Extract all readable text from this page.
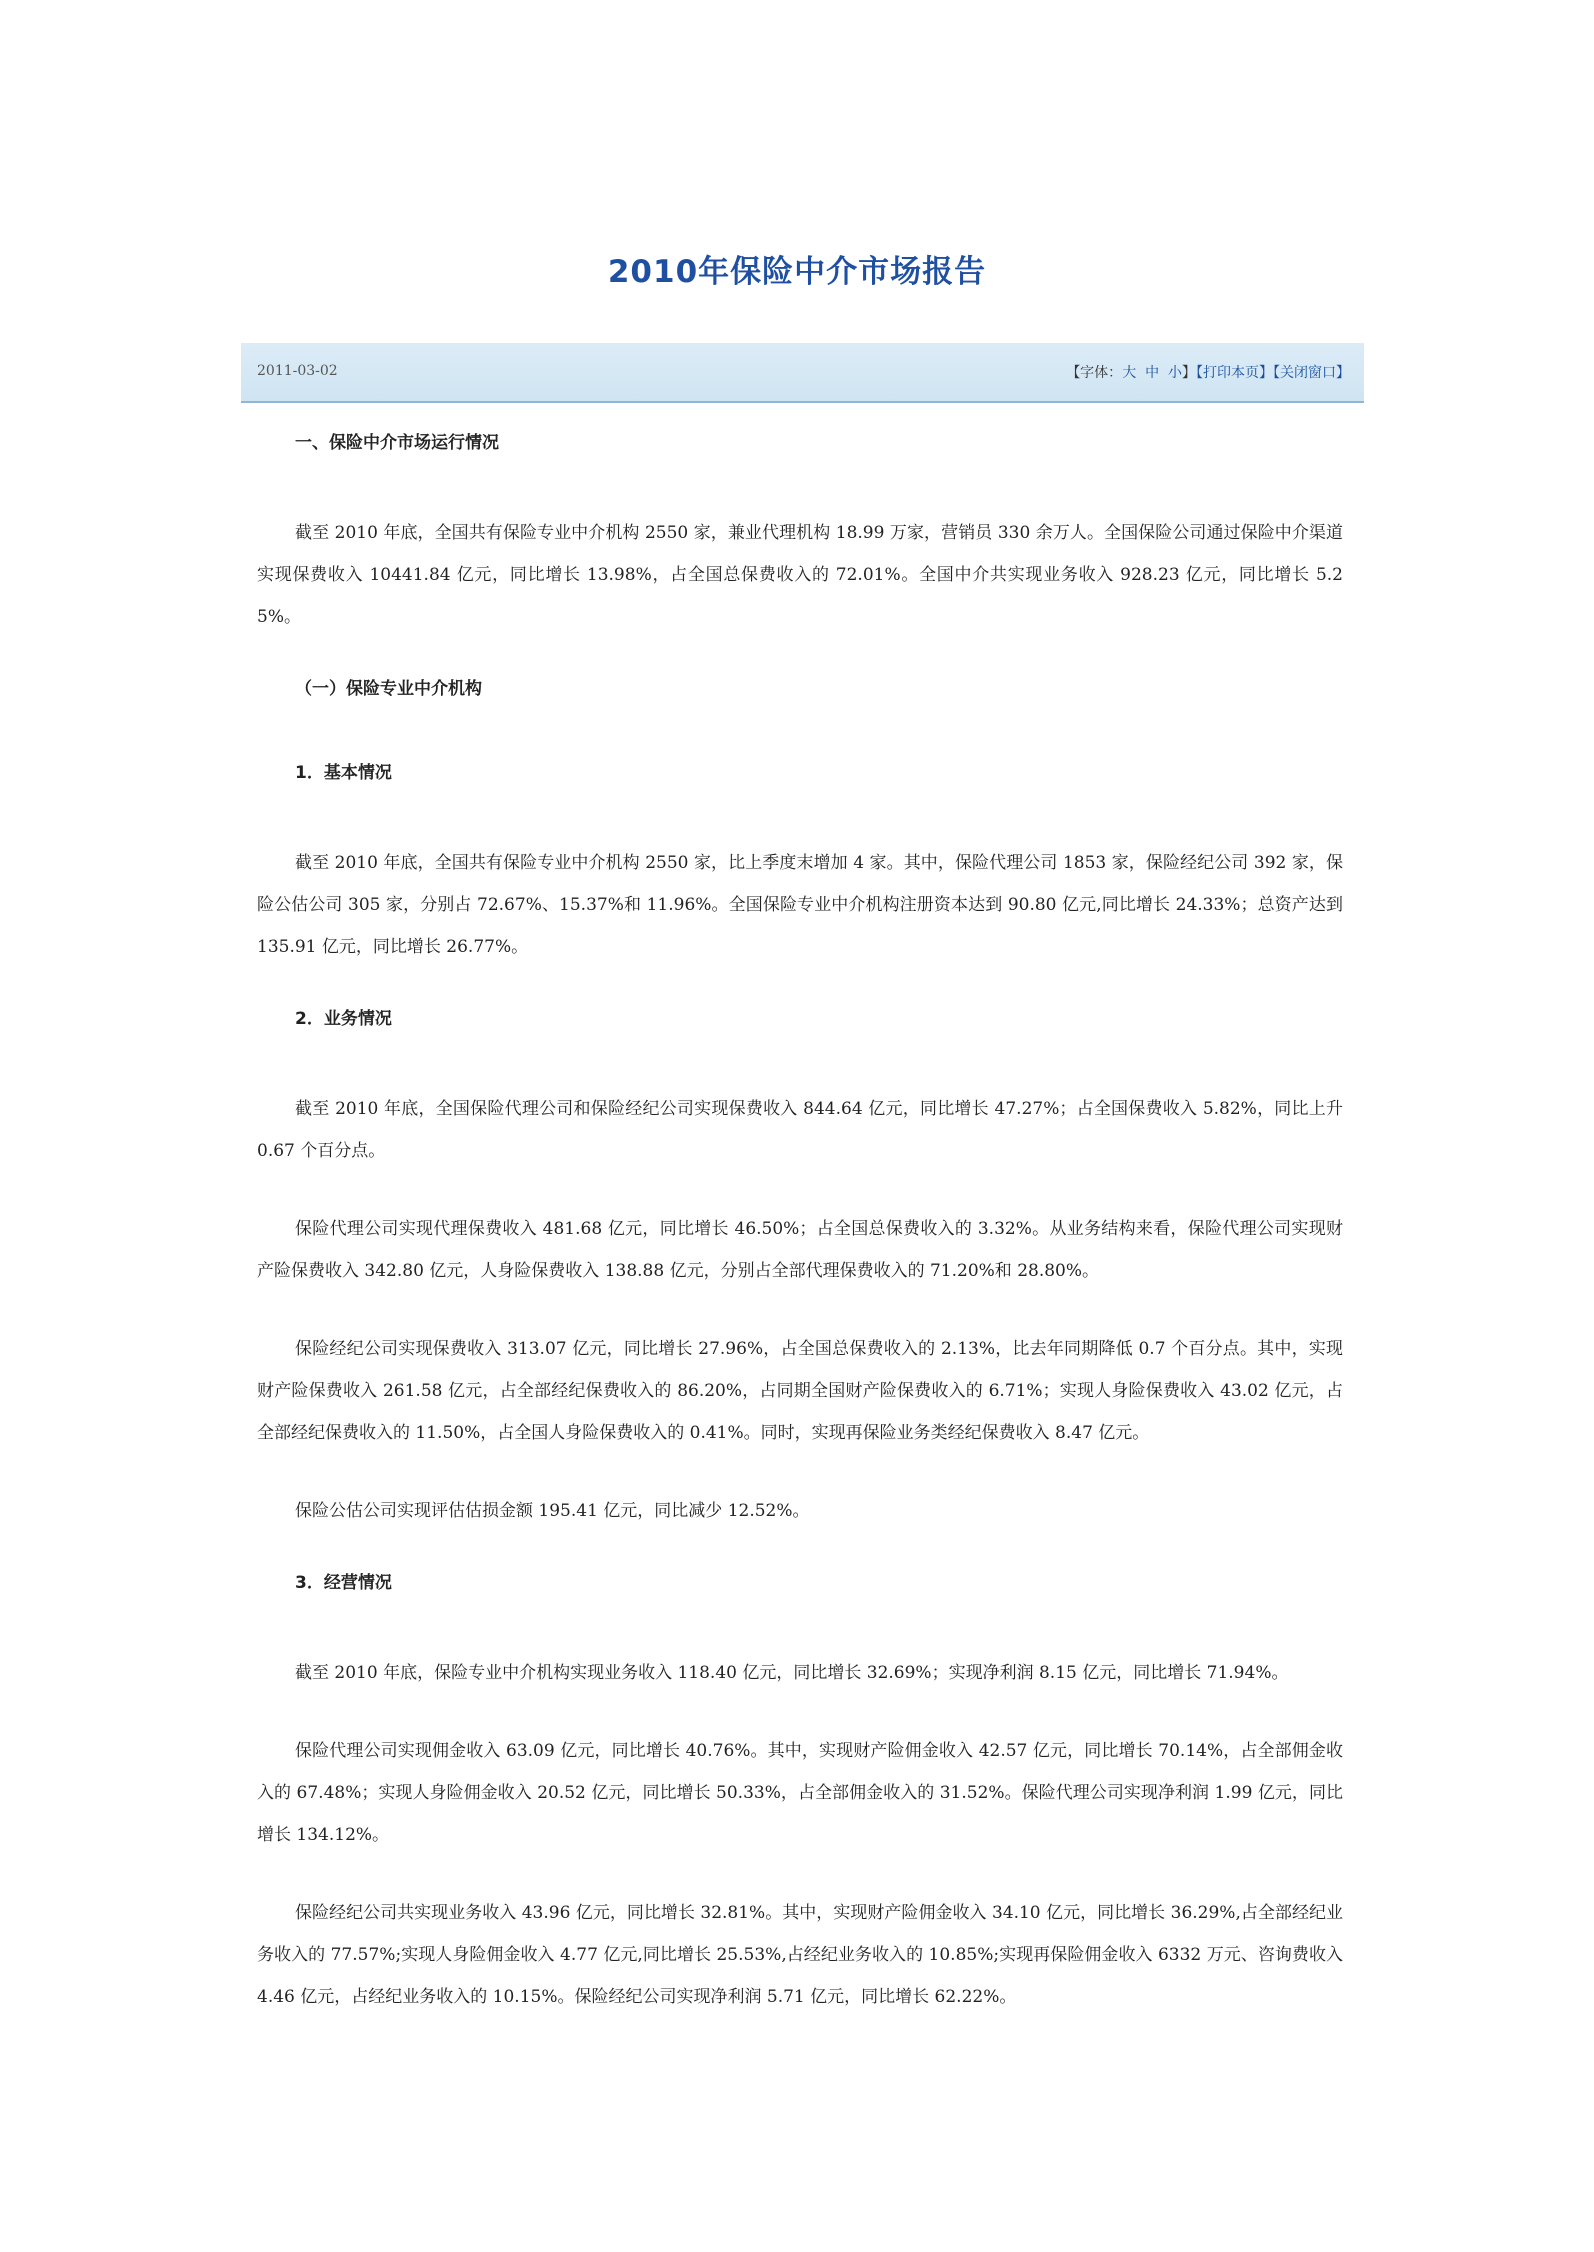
2010年保险中介市场报告
2011-03-02	【字体：大 中 小】【打印本页】【关闭窗口】
一、保险中介市场运行情况

截至 2010 年底，全国共有保险专业中介机构 2550 家，兼业代理机构 18.99 万家，营销员 330 余万人。全国保险公司通过保险中介渠道实现保费收入 10441.84 亿元，同比增长 13.98%，占全国总保费收入的 72.01%。全国中介共实现业务收入 928.23 亿元，同比增长 5.25%。

（一）保险专业中介机构
1．基本情况

截至 2010 年底，全国共有保险专业中介机构 2550 家，比上季度末增加 4 家。其中，保险代理公司 1853 家，保险经纪公司 392 家，保险公估公司 305 家，分别占 72.67%、15.37%和 11.96%。全国保险专业中介机构注册资本达到 90.80 亿元,同比增长 24.33%；总资产达到 135.91 亿元，同比增长 26.77%。

2．业务情况

截至 2010 年底，全国保险代理公司和保险经纪公司实现保费收入 844.64 亿元，同比增长 47.27%；占全国保费收入 5.82%，同比上升 0.67 个百分点。

保险代理公司实现代理保费收入 481.68 亿元，同比增长 46.50%；占全国总保费收入的 3.32%。从业务结构来看，保险代理公司实现财产险保费收入 342.80 亿元，人身险保费收入 138.88 亿元，分别占全部代理保费收入的 71.20%和 28.80%。

保险经纪公司实现保费收入 313.07 亿元，同比增长 27.96%，占全国总保费收入的 2.13%，比去年同期降低 0.7 个百分点。其中，实现财产险保费收入 261.58 亿元，占全部经纪保费收入的 86.20%，占同期全国财产险保费收入的 6.71%；实现人身险保费收入 43.02 亿元，占全部经纪保费收入的 11.50%，占全国人身险保费收入的 0.41%。同时，实现再保险业务类经纪保费收入 8.47 亿元。

保险公估公司实现评估估损金额 195.41 亿元，同比减少 12.52%。

3．经营情况

截至 2010 年底，保险专业中介机构实现业务收入 118.40 亿元，同比增长 32.69%；实现净利润 8.15 亿元，同比增长 71.94%。

保险代理公司实现佣金收入 63.09 亿元，同比增长 40.76%。其中，实现财产险佣金收入 42.57 亿元，同比增长 70.14%，占全部佣金收入的 67.48%；实现人身险佣金收入 20.52 亿元，同比增长 50.33%，占全部佣金收入的 31.52%。保险代理公司实现净利润 1.99 亿元，同比增长 134.12%。

保险经纪公司共实现业务收入 43.96 亿元，同比增长 32.81%。其中，实现财产险佣金收入 34.10 亿元，同比增长 36.29%,占全部经纪业务收入的 77.57%;实现人身险佣金收入 4.77 亿元,同比增长 25.53%,占经纪业务收入的 10.85%;实现再保险佣金收入 6332 万元、咨询费收入 4.46 亿元，占经纪业务收入的 10.15%。保险经纪公司实现净利润 5.71 亿元，同比增长 62.22%。
